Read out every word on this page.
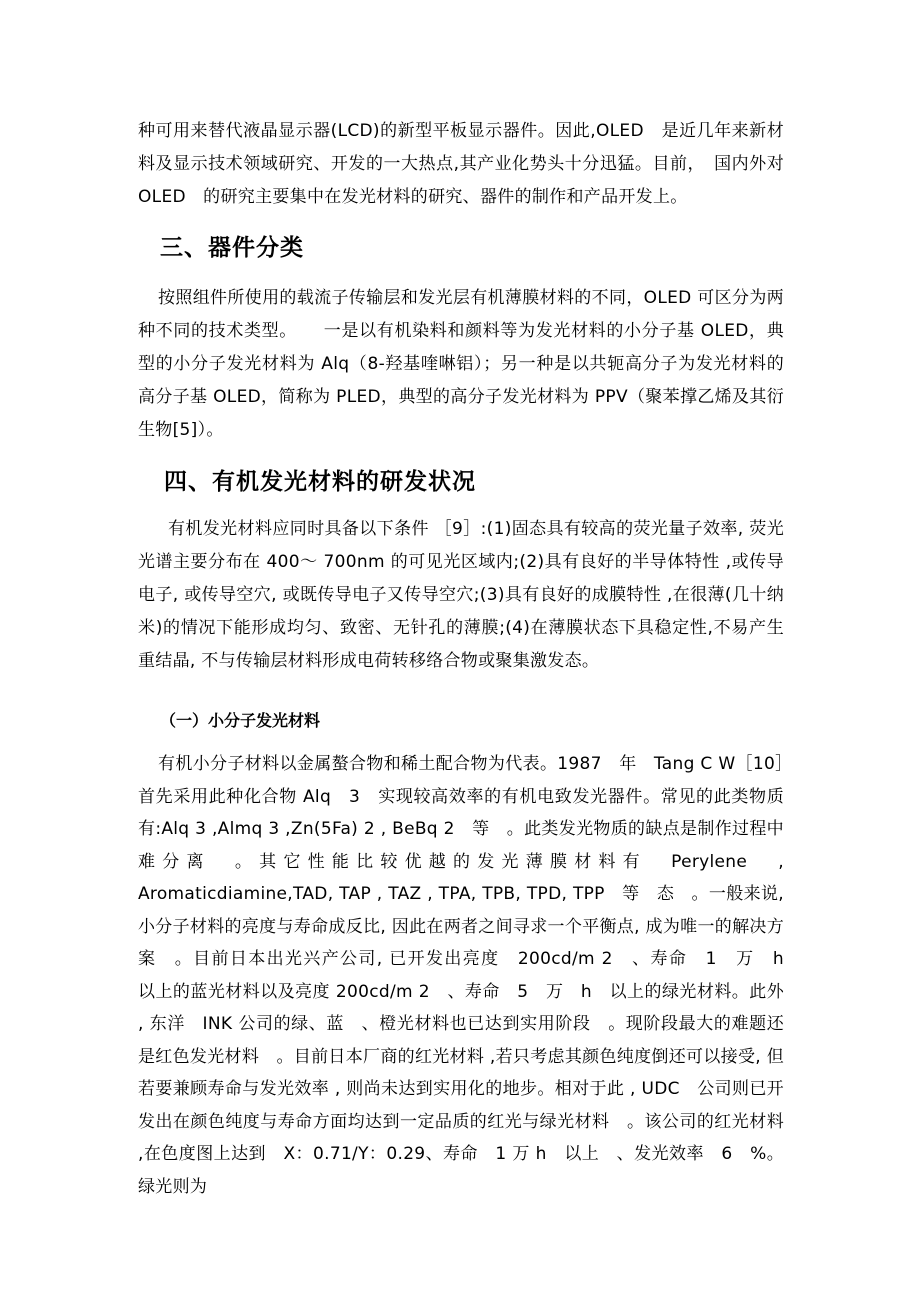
种可用来替代液晶显示器(LCD)的新型平板显示器件。因此,OLED　是近几年来新材料及显示技术领域研究、开发的一大热点,其产业化势头十分迅猛。目前，　国内外对　OLED　的研究主要集中在发光材料的研究、器件的制作和产品开发上。

三、器件分类

按照组件所使用的载流子传输层和发光层有机薄膜材料的不同，OLED 可区分为两种不同的技术类型。　　一是以有机染料和颜料等为发光材料的小分子基 OLED，典型的小分子发光材料为 Alq（8-羟基喹啉铝）；另一种是以共轭高分子为发光材料的高分子基 OLED，简称为 PLED，典型的高分子发光材料为 PPV（聚苯撑乙烯及其衍生物[5]）。

四、有机发光材料的研发状况

有机发光材料应同时具备以下条件 ［9］:(1)固态具有较高的荧光量子效率, 荧光光谱主要分布在 400～ 700nm 的可见光区域内;(2)具有良好的半导体特性 ,或传导电子, 或传导空穴, 或既传导电子又传导空穴;(3)具有良好的成膜特性 ,在很薄(几十纳米)的情况下能形成均匀、致密、无针孔的薄膜;(4)在薄膜状态下具稳定性,不易产生重结晶, 不与传输层材料形成电荷转移络合物或聚集激发态。

（一）小分子发光材料

有机小分子材料以金属螯合物和稀土配合物为代表。1987　年　Tang C W［10］首先采用此种化合物 Alq　3　实现较高效率的有机电致发光器件。常见的此类物质有:Alq 3 ,Almq 3 ,Zn(5Fa) 2 , BeBq 2　等　。此类发光物质的缺点是制作过程中难分离　。其它性能比较优越的发光薄膜材料有　Perylene　, Aromaticdiamine,TAD, TAP , TAZ , TPA, TPB, TPD, TPP　等　态　。一般来说,小分子材料的亮度与寿命成反比, 因此在两者之间寻求一个平衡点, 成为唯一的解决方案　。目前日本出光兴产公司, 已开发出亮度　200cd/m 2　、寿命　1　万　h　以上的蓝光材料以及亮度 200cd/m 2　、寿命　5　万　h　以上的绿光材料。此外 , 东洋　INK 公司的绿、蓝　、橙光材料也已达到实用阶段　。现阶段最大的难题还是红色发光材料　。目前日本厂商的红光材料 ,若只考虑其颜色纯度倒还可以接受, 但若要兼顾寿命与发光效率 , 则尚未达到实用化的地步。相对于此 , UDC　公司则已开发出在颜色纯度与寿命方面均达到一定品质的红光与绿光材料　。该公司的红光材料 ,在色度图上达到　X：0.71/Y：0.29、寿命　1 万 h　以上　、发光效率　6　%。绿光则为
